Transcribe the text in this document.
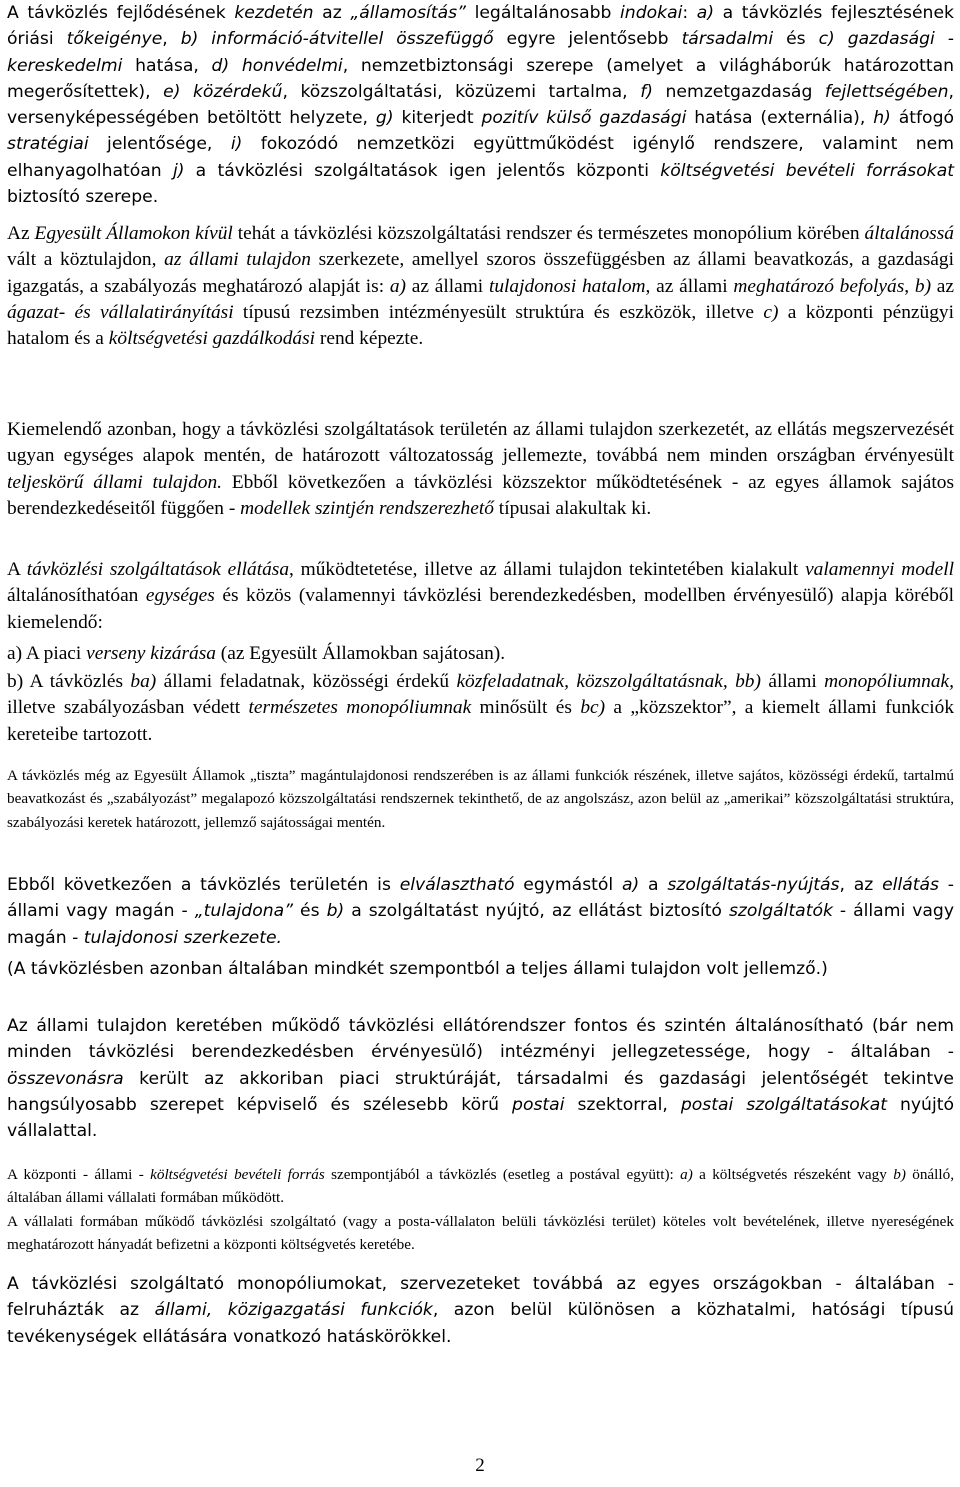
A távközlés fejlődésének kezdetén az „államosítás” legáltalánosabb indokai: a) a távközlés fejlesztésének óriási tőkeigénye, b) információ-átvitellel összefüggő egyre jelentősebb társadalmi és c) gazdasági - kereskedelmi hatása, d) honvédelmi, nemzetbiztonsági szerepe (amelyet a világháborúk határozottan megerősítettek), e) közérdekű, közszolgáltatási, közüzemi tartalma, f) nemzetgazdaság fejlettségében, versenyképességében betöltött helyzete, g) kiterjedt pozitív külső gazdasági hatása (externália), h) átfogó stratégiai jelentősége, i) fokozódó nemzetközi együttműködést igénylő rendszere, valamint nem elhanyagolhatóan j) a távközlési szolgáltatások igen jelentős központi költségvetési bevételi forrásokat biztosító szerepe.

Az Egyesült Államokon kívül tehát a távközlési közszolgáltatási rendszer és természetes monopólium körében általánossá vált a köztulajdon, az állami tulajdon szerkezete, amellyel szoros összefüggésben az állami beavatkozás, a gazdasági igazgatás, a szabályozás meghatározó alapját is: a) az állami tulajdonosi hatalom, az állami meghatározó befolyás, b) az ágazat- és vállalatirányítási típusú rezsimben intézményesült struktúra és eszközök, illetve c) a központi pénzügyi hatalom és a költségvetési gazdálkodási rend képezte.

Kiemelendő azonban, hogy a távközlési szolgáltatások területén az állami tulajdon szerkezetét, az ellátás megszervezését ugyan egységes alapok mentén, de határozott változatosság jellemezte, továbbá nem minden országban érvényesült teljeskörű állami tulajdon. Ebből következően a távközlési közszektor működtetésének - az egyes államok sajátos berendezkedéseitől függően - modellek szintjén rendszerezhető típusai alakultak ki.

A távközlési szolgáltatások ellátása, működtetetése, illetve az állami tulajdon tekintetében kialakult valamennyi modell általánosíthatóan egységes és közös (valamennyi távközlési berendezkedésben, modellben érvényesülő) alapja köréből kiemelendő:

a) A piaci verseny kizárása (az Egyesült Államokban sajátosan).

b) A távközlés ba) állami feladatnak, közösségi érdekű közfeladatnak, közszolgáltatásnak, bb) állami monopóliumnak, illetve szabályozásban védett természetes monopóliumnak minősült és bc) a „közszektor”, a kiemelt állami funkciók kereteibe tartozott.

A távközlés még az Egyesült Államok „tiszta” magántulajdonosi rendszerében is az állami funkciók részének, illetve sajátos, közösségi érdekű, tartalmú beavatkozást és „szabályozást” megalapozó közszolgáltatási rendszernek tekinthető, de az angolszász, azon belül az „amerikai” közszolgáltatási struktúra, szabályozási keretek határozott, jellemző sajátosságai mentén.

Ebből következően a távközlés területén is elválasztható egymástól a) a szolgáltatás-nyújtás, az ellátás - állami vagy magán - „tulajdona” és b) a szolgáltatást nyújtó, az ellátást biztosító szolgáltatók - állami vagy magán - tulajdonosi szerkezete.

(A távközlésben azonban általában mindkét szempontból a teljes állami tulajdon volt jellemző.)

Az állami tulajdon keretében működő távközlési ellátórendszer fontos és szintén általánosítható (bár nem minden távközlési berendezkedésben érvényesülő) intézményi jellegzetessége, hogy - általában - összevonásra került az akkoriban piaci struktúráját, társadalmi és gazdasági jelentőségét tekintve hangsúlyosabb szerepet képviselő és szélesebb körű postai szektorral, postai szolgáltatásokat nyújtó vállalattal.

A központi - állami - költségvetési bevételi forrás szempontjából a távközlés (esetleg a postával együtt): a) a költségvetés részeként vagy b) önálló, általában állami vállalati formában működött.

A vállalati formában működő távközlési szolgáltató (vagy a posta-vállalaton belüli távközlési terület) köteles volt bevételének, illetve nyereségének meghatározott hányadát befizetni a központi költségvetés keretébe.

A távközlési szolgáltató monopóliumokat, szervezeteket továbbá az egyes országokban - általában - felruházták az állami, közigazgatási funkciók, azon belül különösen a közhatalmi, hatósági típusú tevékenységek ellátására vonatkozó hatáskörökkel.

2
